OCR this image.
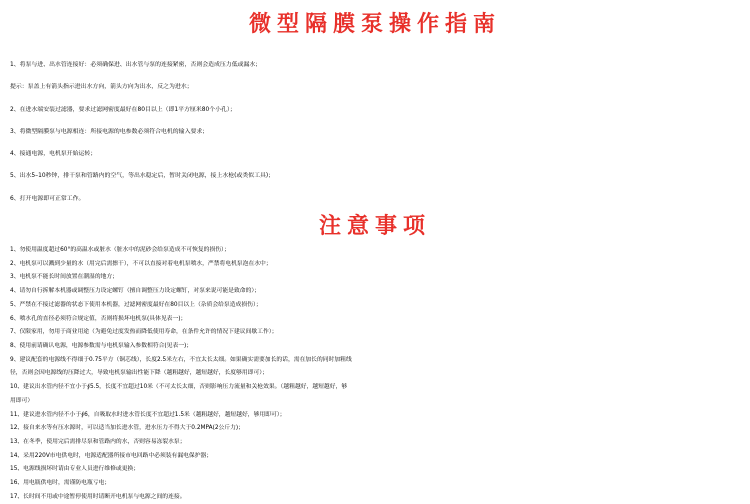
微型隔膜泵操作指南
1、将泵与进、出水管连接好：必须确保进、出水管与泵的连接紧密，否则会造成压力低或漏水；
提示：泵盖上有箭头指示进出水方向，箭头方向为出水，反之为进水；
2、在进水端安装过滤器，要求过滤网密度最好在80目以上（即1平方厘米80个小孔）；
3、将微型隔膜泵与电源相连：所接电源的电参数必须符合电机的输入要求；
4、接通电源，电机泵开始运转；
5、出水5–10秒钟，排干泵和管路内的空气，等出水稳定后，暂时关闭电源，接上水枪(或类似工具)；
6、打开电源即可正常工作。
注意事项
1、勿使用温度超过60°的高温水或脏水（脏水中的泥砂会给泵造成不可恢复的损伤）；
2、电机泵可以溅到少量的水（用完后需擦干），不可以直接对着电机泵喷水，严禁将电机泵泡在水中；
3、电机泵不能长时间放置在潮湿的地方；
4、请勿自行拆解本机器或调整压力设定螺钉（擅自调整压力设定螺钉，对泵来说可能是致命的）；
5、严禁在不接过滤器的状态下使用本机器，过滤网密度最好在80目以上（杂质会给泵造成损伤）；
6、喷水孔的直径必须符合规定值，否则将损坏电机泵(具体见表一)；
7、仅限家用，勿用于商业用途（为避免过度发热而降低使用寿命，在条件允许的情况下建议间歇工作）；
8、使用前请确认电源，电源参数需与电机泵输入参数相符合(见表一)；
9、建议配套的电源线不得细于0.75平方（铜芯线），长度2.5米左右，不宜太长太细。如果确实需要加长的话，需在加长的同时加粗线
径，否则会因电源线的压降过大，导致电机泵输出性能下降（越粗越好，越短越好，长度够用即可）；
10、建议出水管内径不宜小于∮5.5，长度不宜超过10米（不可太长太细，否则影响压力流量和关枪效果。（越粗越好，越短越好，够
用即可）
11、建议进水管内径不小于∮6，自吸取水时进水管长度不宜超过1.5米（越粗越好，越短越好，够用即可）；
12、接自来水等有压水源时，可以适当加长进水管，进水压力不得大于0.2MPA(2公斤力)；
13、在冬季，使用完后需排尽泵和管路内的水，否则容易冻裂水泵；
14、采用220V市电供电时，电源适配器所接市电回路中必须装有漏电保护器；
15、电源线损坏时请由专业人员进行维修或更换；
16、用电瓶供电时，需谨防电瓶亏电；
17、长时间不用或中途暂停使用时请断开电机泵与电源之间的连接。
